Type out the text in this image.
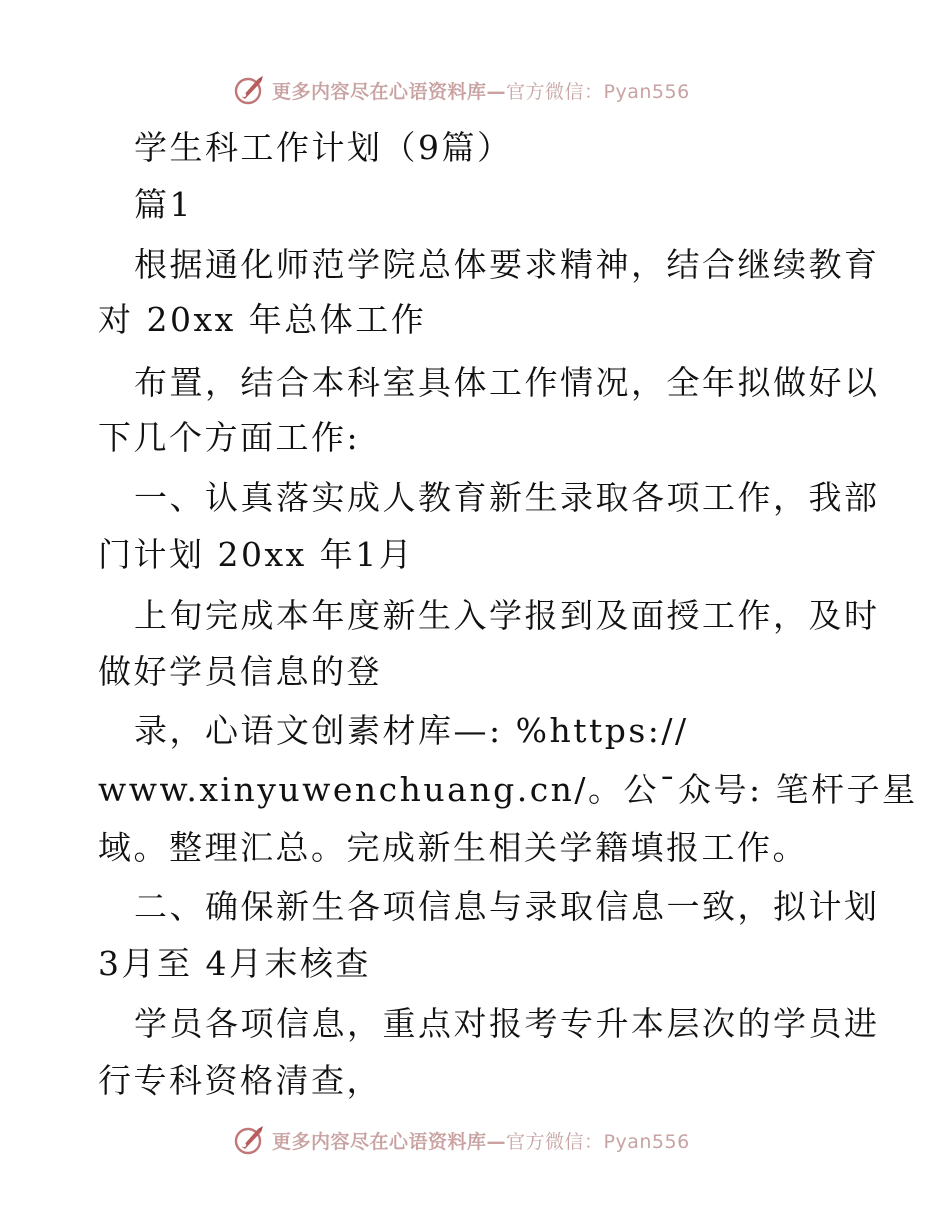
更多内容尽在心语资料库—官方微信：Pyan556
学生科工作计划（9篇）
篇1
根据通化师范学院总体要求精神，结合继续教育
对 20xx 年总体工作
布置，结合本科室具体工作情况，全年拟做好以
下几个方面工作:
一、认真落实成人教育新生录取各项工作，我部
门计划 20xx 年1月
上旬完成本年度新生入学报到及面授工作，及时
做好学员信息的登
录，心语文创素材库—: %https://
www.xinyuwenchuang.cn/。公¯众号: 笔杆子星
域。整理汇总。完成新生相关学籍填报工作。
二、确保新生各项信息与录取信息一致，拟计划
3月至 4月末核查
学员各项信息，重点对报考专升本层次的学员进
行专科资格清查，
更多内容尽在心语资料库—官方微信：Pyan556
